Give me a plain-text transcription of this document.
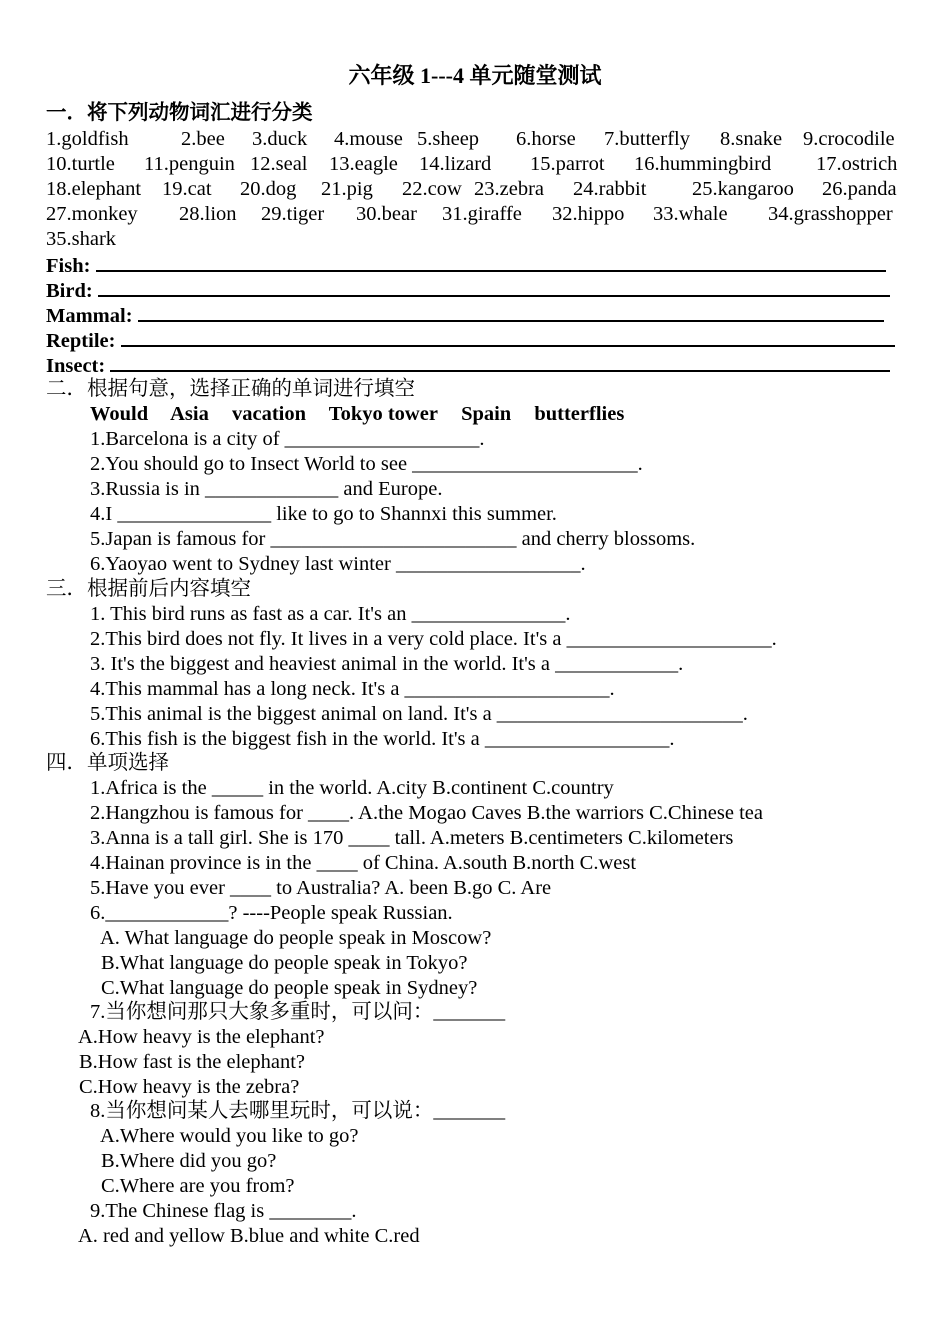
六年级 1---4 单元随堂测试
一．将下列动物词汇进行分类
1.goldfish	2.bee 3.duck 4.mouse 5.sheep 6.horse 7.butterfly 8.snake 9.crocodile
10.turtle 11.penguin 12.seal 13.eagle 14.lizard 15.parrot 16.hummingbird 17.ostrich
18.elephant 19.cat 20.dog 21.pig 22.cow 23.zebra 24.rabbit 25.kangaroo 26.panda
27.monkey 28.lion 29.tiger 30.bear 31.giraffe 32.hippo 33.whale 34.grasshopper
35.shark
Fish:
Bird:
Mammal:
Reptile:
Insect:
二．根据句意，选择正确的单词进行填空
Would Asia vacation Tokyo tower Spain butterflies
1.Barcelona is a city of ___________________.
2.You should go to Insect World to see ______________________.
3.Russia is in _____________ and Europe.
4.I _______________ like to go to Shannxi this summer.
5.Japan is famous for ________________________ and cherry blossoms.
6.Yaoyao went to Sydney last winter __________________.
三．根据前后内容填空
1. This bird runs as fast as a car. It's an _______________.
2.This bird does not fly. It lives in a very cold place. It's a ____________________.
3. It's the biggest and heaviest animal in the world. It's a ____________.
4.This mammal has a long neck. It's a ____________________.
5.This animal is the biggest animal on land. It's a ________________________.
6.This fish is the biggest fish in the world. It's a __________________.
四．单项选择
1.Africa is the _____ in the world. A.city B.continent C.country
2.Hangzhou is famous for ____. A.the Mogao Caves B.the warriors C.Chinese tea
3.Anna is a tall girl. She is 170 ____ tall. A.meters B.centimeters C.kilometers
4.Hainan province is in the ____ of China. A.south B.north C.west
5.Have you ever ____ to Australia? A. been B.go C. Are
6.____________? ----People speak Russian.
A. What language do people speak in Moscow?
B.What language do people speak in Tokyo?
C.What language do people speak in Sydney?
7.当你想问那只大象多重时，可以问：_______
A.How heavy is the elephant?
B.How fast is the elephant?
C.How heavy is the zebra?
8.当你想问某人去哪里玩时，可以说：_______
A.Where would you like to go?
B.Where did you go?
C.Where are you from?
9.The Chinese flag is ________.
A. red and yellow B.blue and white C.red
